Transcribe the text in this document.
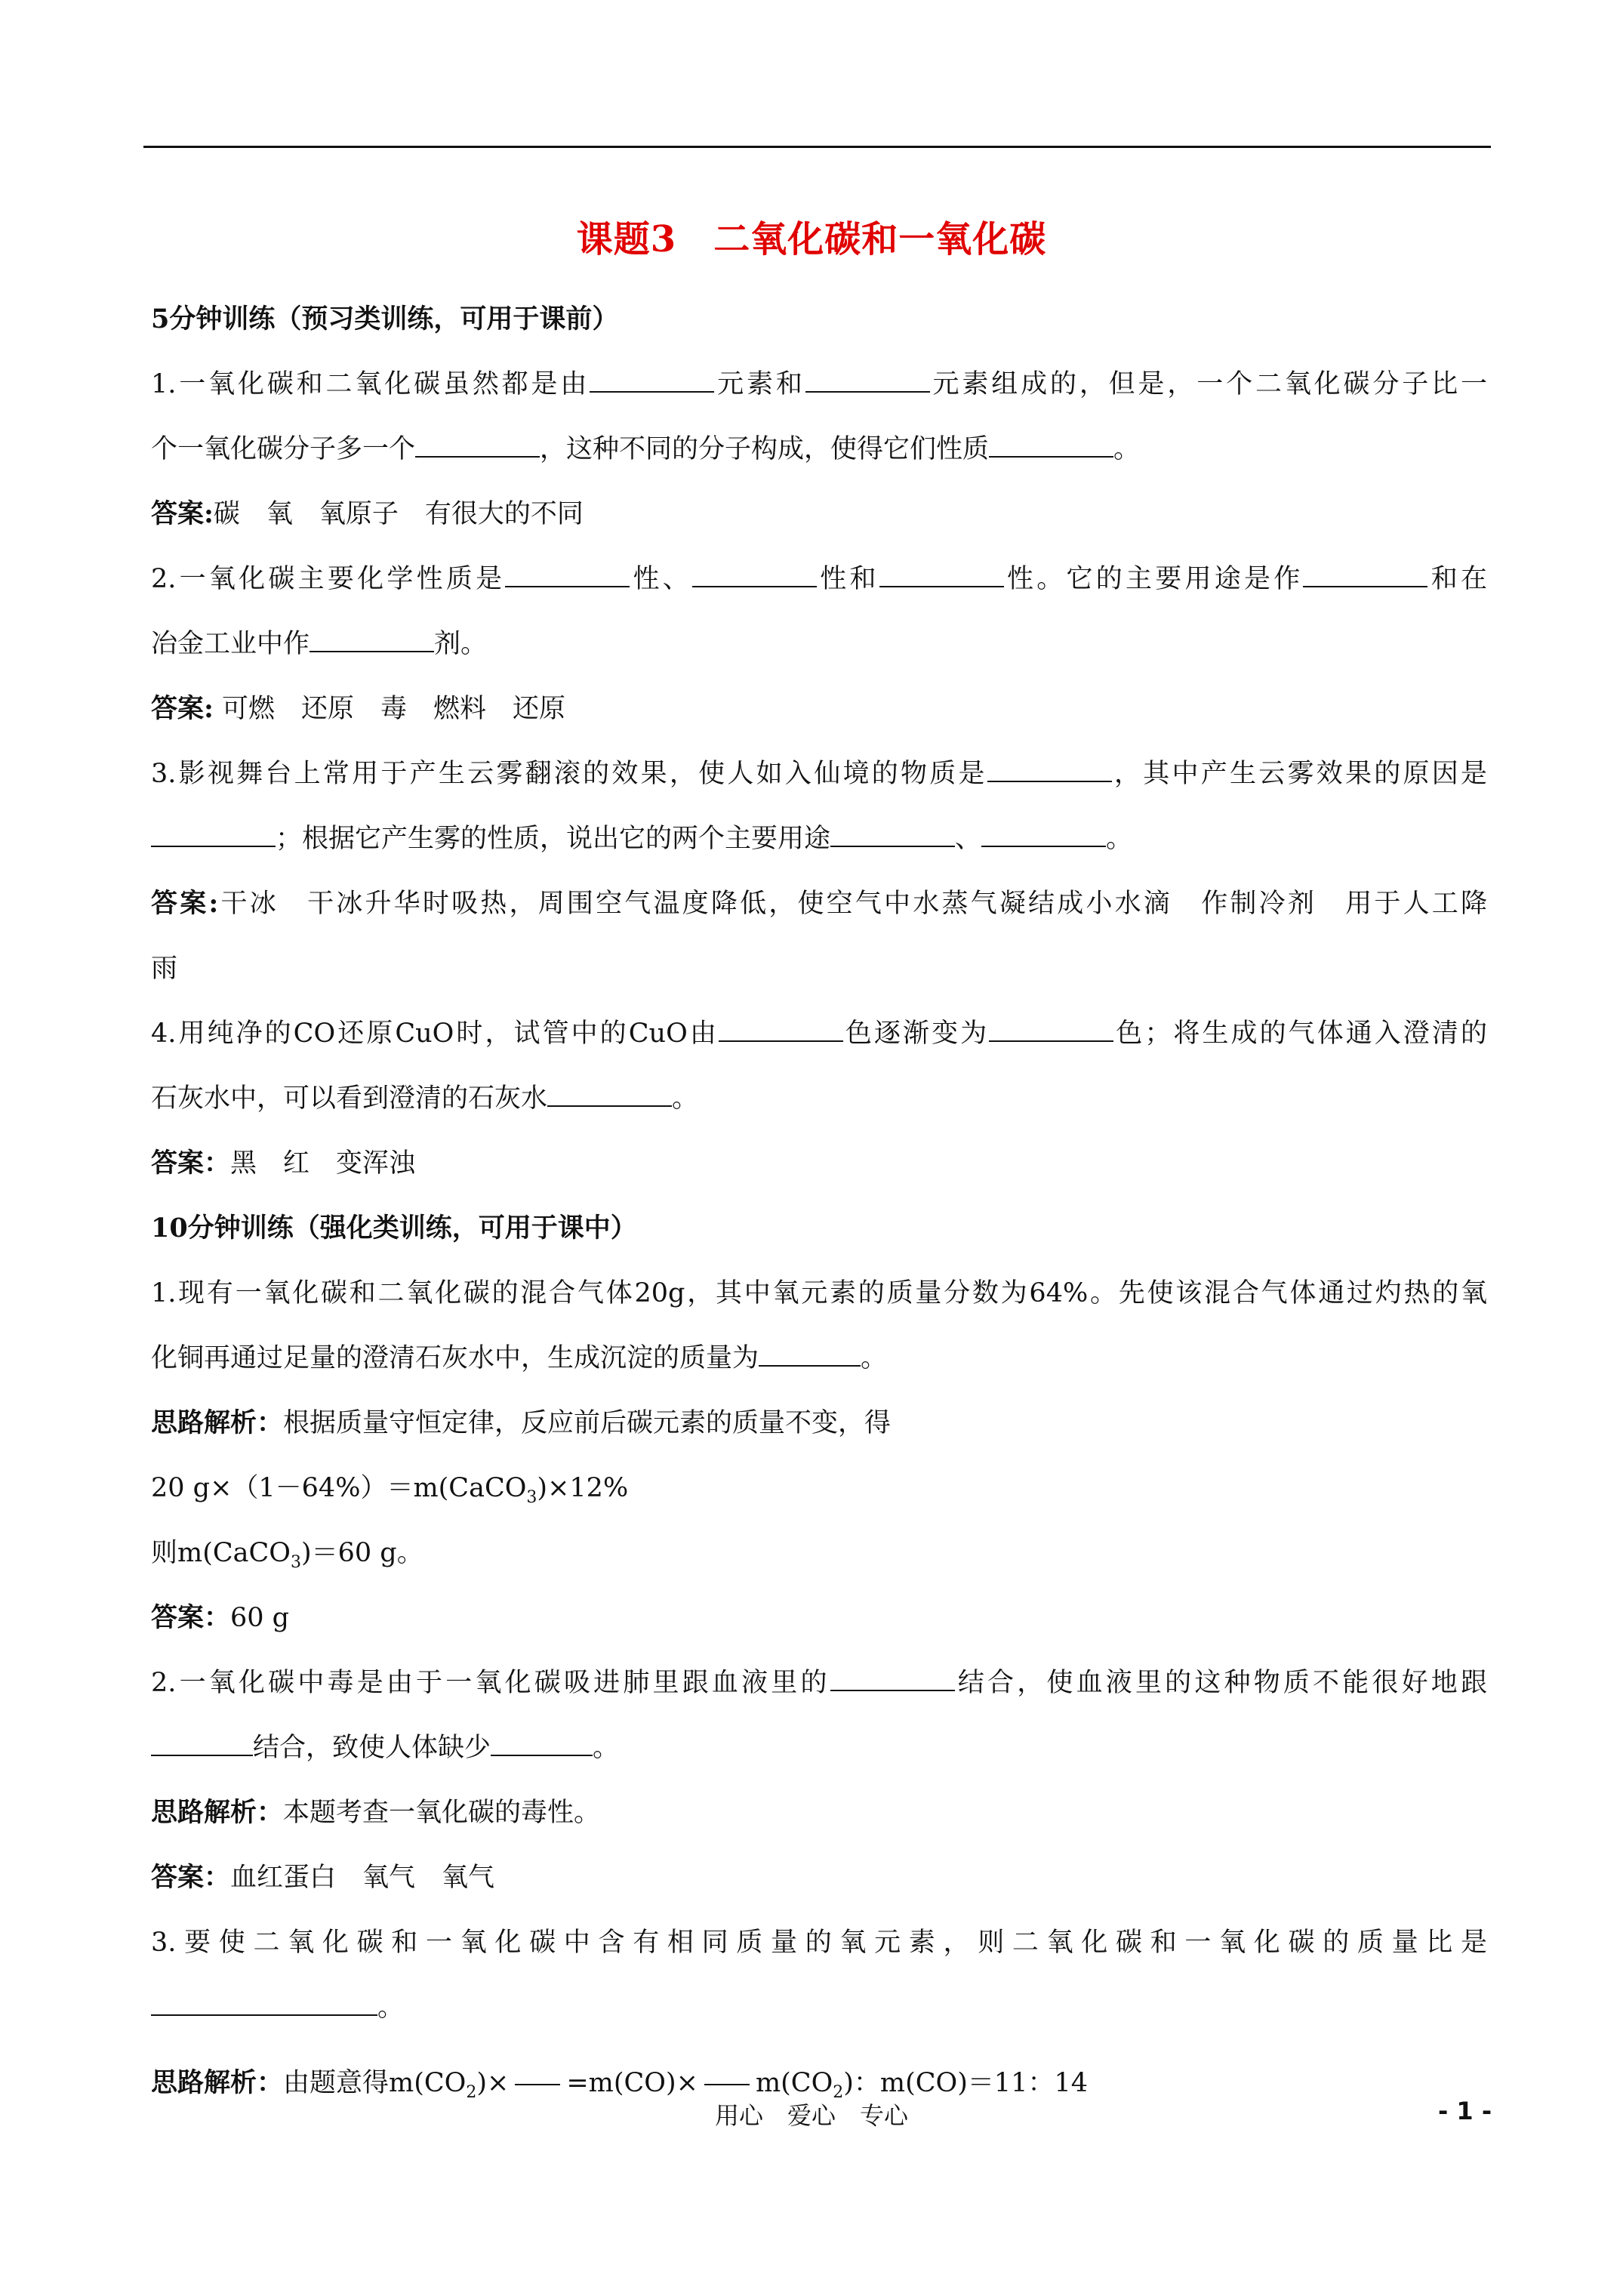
课题3　二氧化碳和一氧化碳
5分钟训练（预习类训练，可用于课前）
1.一氧化碳和二氧化碳虽然都是由	元素和	元素组成的，但是，一个二氧化碳分子比一
个一氧化碳分子多一个	，这种不同的分子构成，使得它们性质	。
答案:碳　氧　氧原子　有很大的不同
2.一氧化碳主要化学性质是	性、	性和	性。它的主要用途是作	和在
冶金工业中作	剂。
答案: 可燃　还原　毒　燃料　还原
3.影视舞台上常用于产生云雾翻滚的效果，使人如入仙境的物质是	，其中产生云雾效果的原因是
；根据它产生雾的性质，说出它的两个主要用途	、	。
答案:干冰　干冰升华时吸热，周围空气温度降低，使空气中水蒸气凝结成小水滴　作制冷剂　用于人工降
雨
4.用纯净的CO还原CuO时，试管中的CuO由	色逐渐变为	色；将生成的气体通入澄清的
石灰水中，可以看到澄清的石灰水	。
答案：黑　红　变浑浊
10分钟训练（强化类训练，可用于课中）
1.现有一氧化碳和二氧化碳的混合气体20g，其中氧元素的质量分数为64%。先使该混合气体通过灼热的氧
化铜再通过足量的澄清石灰水中，生成沉淀的质量为	。
思路解析：根据质量守恒定律，反应前后碳元素的质量不变，得
20 g×（1－64%）＝m(CaCO$_3$)×12%
则m(CaCO$_3$)＝60 g。
答案：60 g
2.一氧化碳中毒是由于一氧化碳吸进肺里跟血液里的	结合，使血液里的这种物质不能很好地跟
结合，致使人体缺少	。
思路解析：本题考查一氧化碳的毒性。
答案：血红蛋白　氧气　氧气
3.要使二氧化碳和一氧化碳中含有相同质量的氧元素，则二氧化碳和一氧化碳的质量比是
。
思路解析：由题意得$m(CO_2)\times =m(CO)\times m(CO_2)$：m(CO)＝11：14
用心　爱心　专心	- 1 -
